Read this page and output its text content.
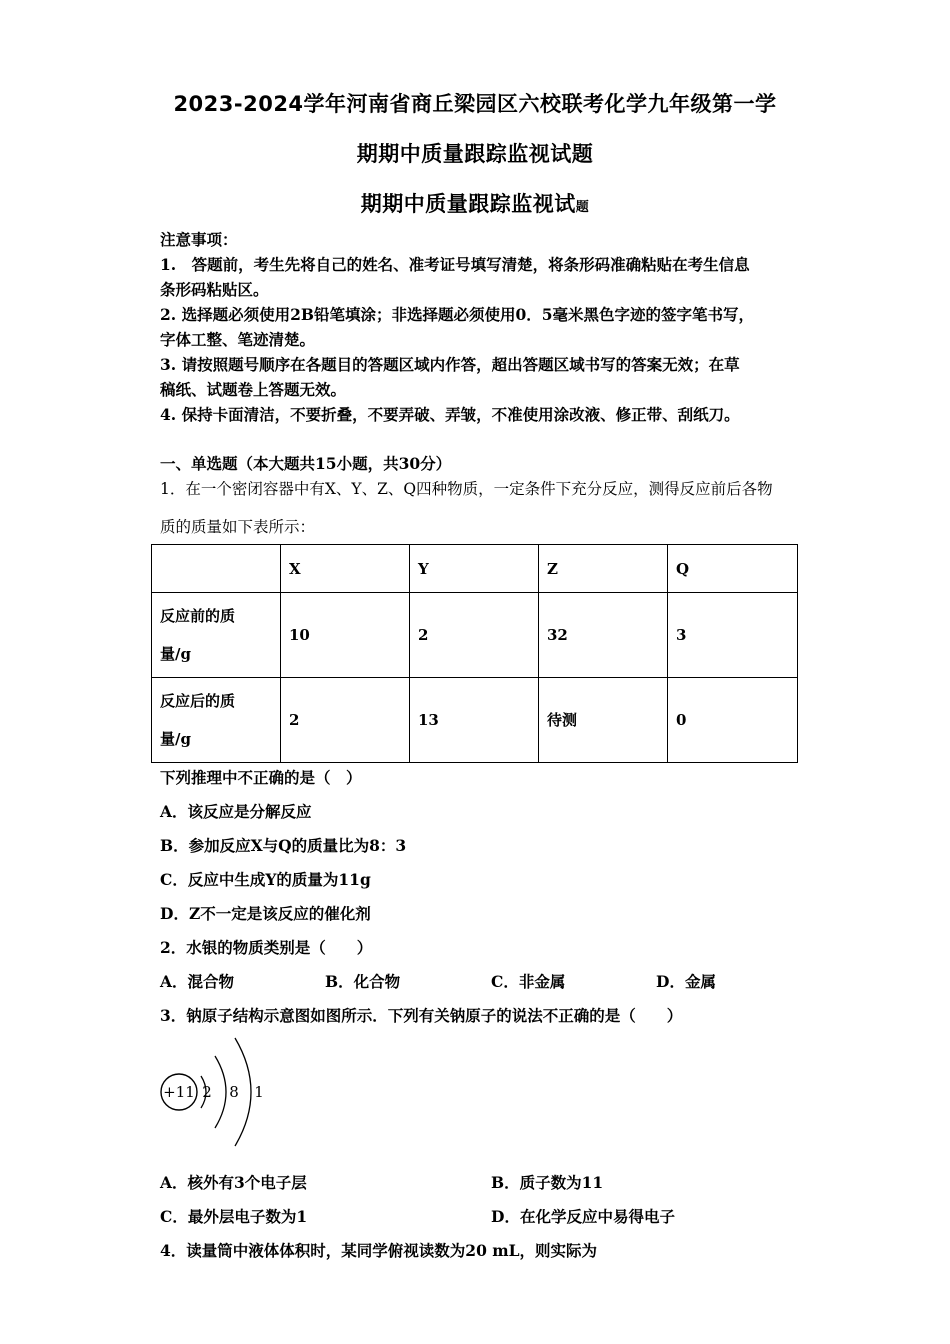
2023-2024学年河南省商丘梁园区六校联考化学九年级第一学
期期中质量跟踪监视试题
期期中质量跟踪监视试题
注意事项：
1.　答题前，考生先将自己的姓名、准考证号填写清楚，将条形码准确粘贴在考生信息
条形码粘贴区。
2. 选择题必须使用2B铅笔填涂；非选择题必须使用0．5毫米黑色字迹的签字笔书写，
字体工整、笔迹清楚。
3. 请按照题号顺序在各题目的答题区域内作答，超出答题区域书写的答案无效；在草
稿纸、试题卷上答题无效。
4. 保持卡面清洁，不要折叠，不要弄破、弄皱，不准使用涂改液、修正带、刮纸刀。
一、单选题（本大题共15小题，共30分）
1．在一个密闭容器中有X、Y、Z、Q四种物质，一定条件下充分反应，测得反应前后各物
质的质量如下表所示：
	X	Y	Z	Q

反应前的质
量/g	10	2	32	3

反应后的质
量/g	2	13	待测	0
下列推理中不正确的是（　）
A．该反应是分解反应
B．参加反应X与Q的质量比为8：3
C．反应中生成Y的质量为11g
D．Z不一定是该反应的催化剂
2．水银的物质类别是（　　）
A．混合物	B．化合物	C．非金属	D．金属
3．钠原子结构示意图如图所示．下列有关钠原子的说法不正确的是（　　）
+11 2 8 1
A．核外有3个电子层	B．质子数为11
C．最外层电子数为1	D．在化学反应中易得电子
4．读量筒中液体体积时，某同学俯视读数为20 mL，则实际为
